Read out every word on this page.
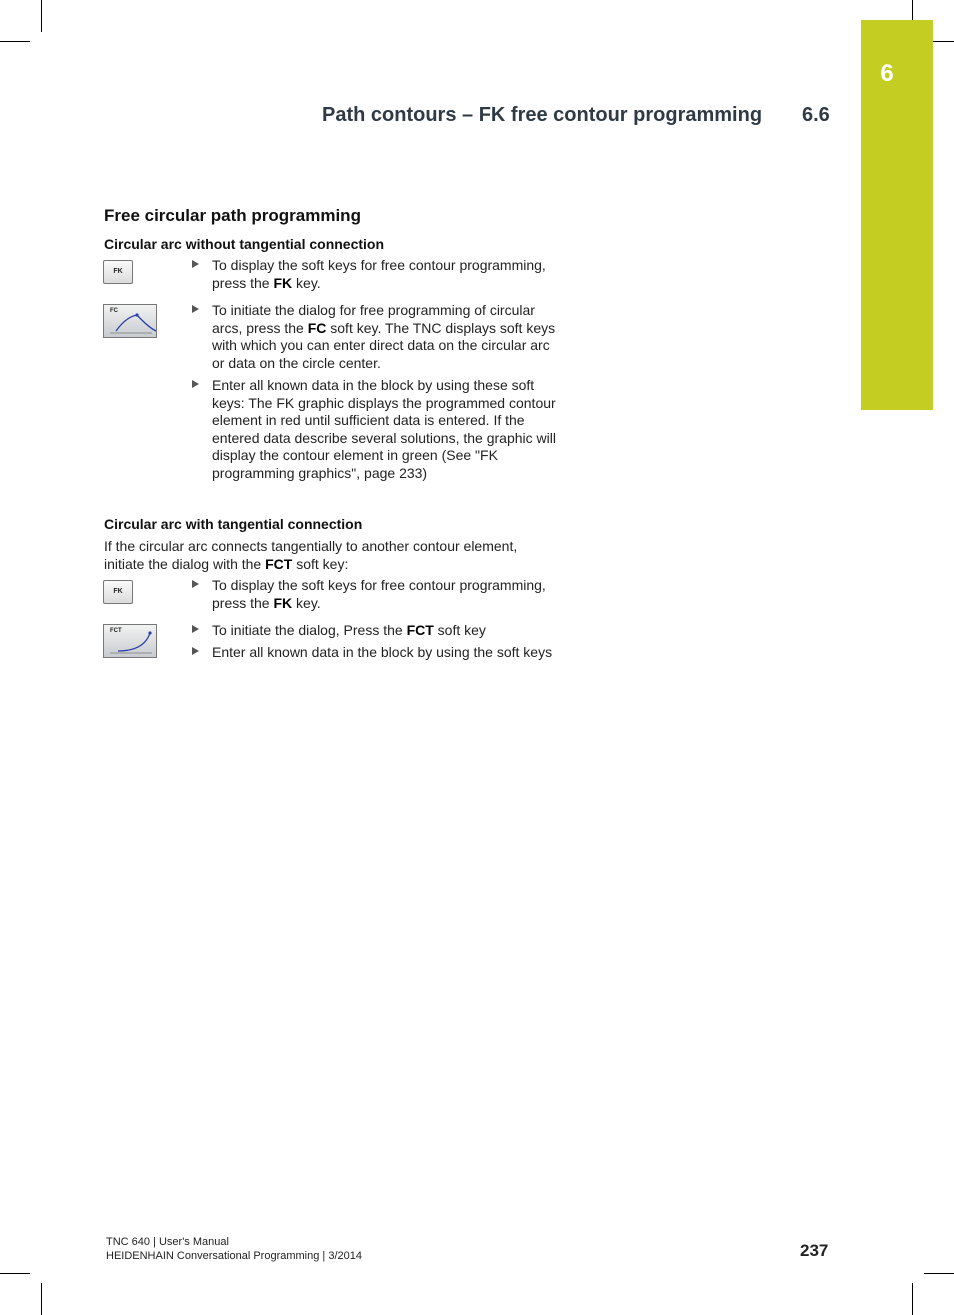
6
Path contours – FK free contour programming 6.6
Free circular path programming
Circular arc without tangential connection
FK	To display the soft keys for free contour programming, press the FK key.
FC	To initiate the dialog for free programming of circular arcs, press the FC soft key. The TNC displays soft keys with which you can enter direct data on the circular arc or data on the circle center.
Enter all known data in the block by using these soft keys: The FK graphic displays the programmed contour element in red until sufficient data is entered. If the entered data describe several solutions, the graphic will display the contour element in green (See "FK programming graphics", page 233)
Circular arc with tangential connection
If the circular arc connects tangentially to another contour element, initiate the dialog with the FCT soft key:
FK	To display the soft keys for free contour programming, press the FK key.
FCT	To initiate the dialog, Press the FCT soft key
Enter all known data in the block by using the soft keys
TNC 640 | User's Manual
HEIDENHAIN Conversational Programming | 3/2014	237
